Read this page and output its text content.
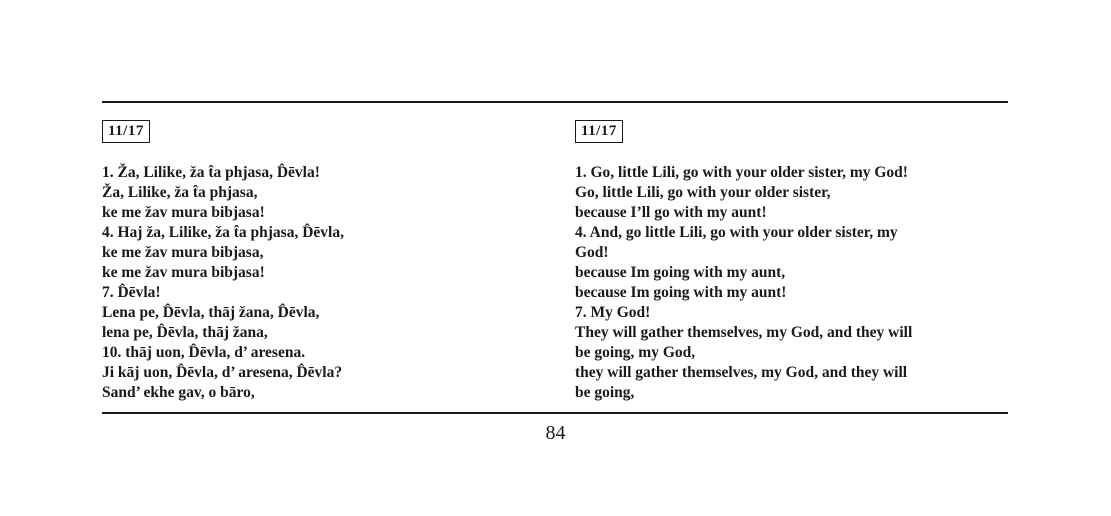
11/17
1. Ža, Lilike, ža t̂a phjasa, D̂ēvla!
Ža, Lilike, ža t̂a phjasa,
ke me žav mura bibjasa!
4. Haj ža, Lilike, ža t̂a phjasa, D̂ēvla,
ke me žav mura bibjasa,
ke me žav mura bibjasa!
7. D̂ēvla!
Lena pe, D̂ēvla, thāj žana, D̂ēvla,
lena pe, D̂ēvla, thāj žana,
10. thāj uon, D̂ēvla, d’ aresena.
Ji kāj uon, D̂ēvla, d’ aresena, D̂ēvla?
Sand’ ekhe gav, o bāro,
11/17
1. Go, little Lili, go with your older sister, my God!
Go, little Lili, go with your older sister,
because I’ll go with my aunt!
4. And, go little Lili, go with your older sister, my
God!
because Im going with my aunt,
because Im going with my aunt!
7. My God!
They will gather themselves, my God, and they will
be going, my God,
they will gather themselves, my God, and they will
be going,
84
